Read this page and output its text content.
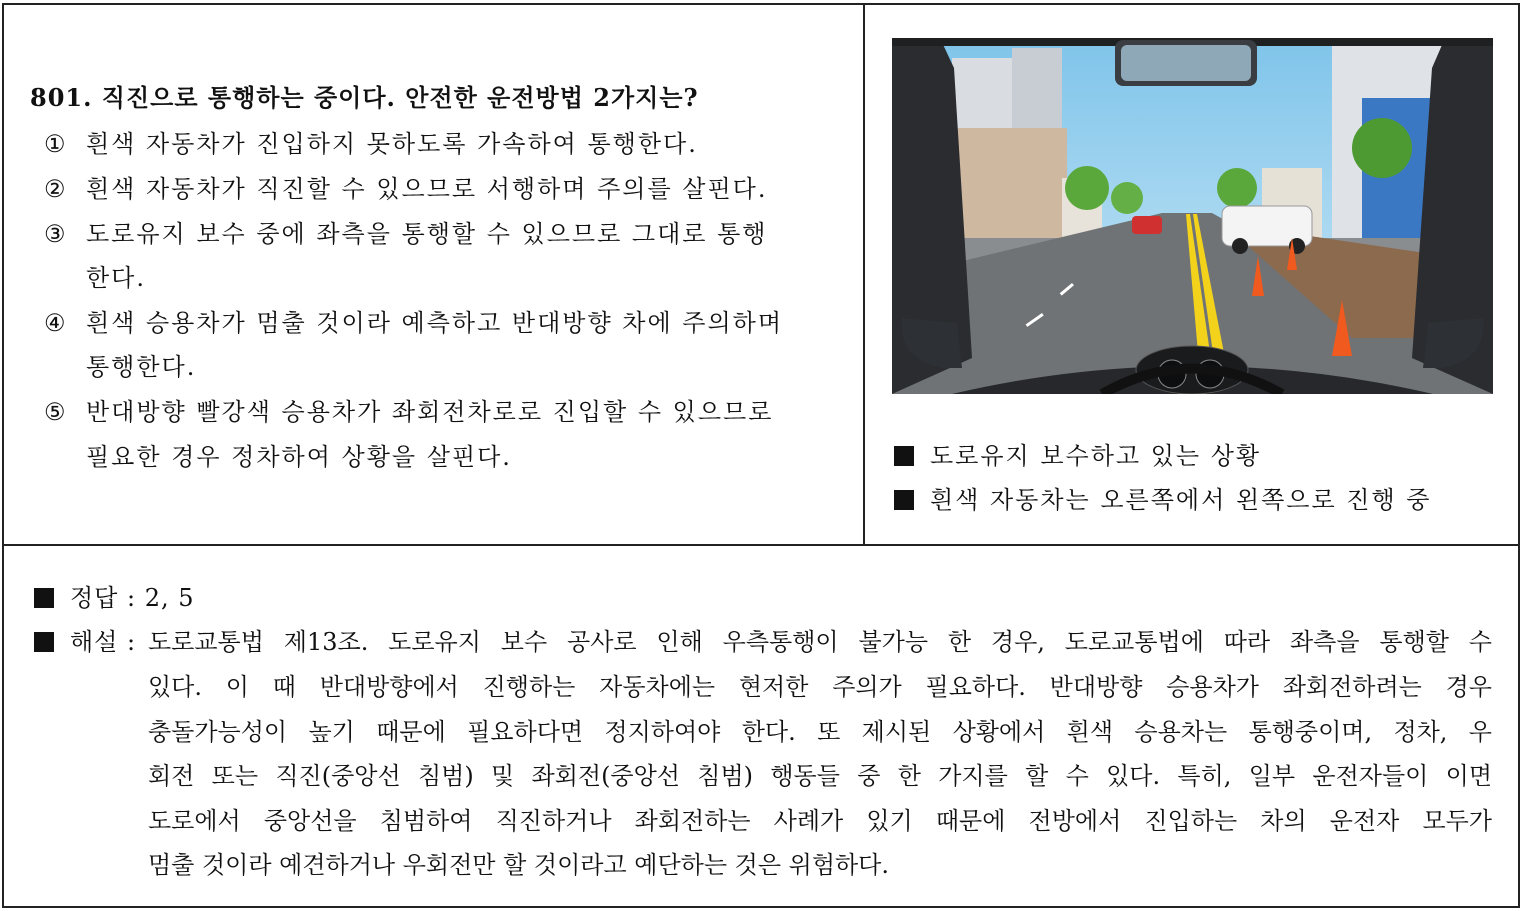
801. 직진으로 통행하는 중이다. 안전한 운전방법 2가지는?
① 흰색 자동차가 진입하지 못하도록 가속하여 통행한다.
② 흰색 자동차가 직진할 수 있으므로 서행하며 주의를 살핀다.
③ 도로유지 보수 중에 좌측을 통행할 수 있으므로 그대로 통행
한다.
④ 흰색 승용차가 멈출 것이라 예측하고 반대방향 차에 주의하며
통행한다.
⑤ 반대방향 빨강색 승용차가 좌회전차로로 진입할 수 있으므로
필요한 경우 정차하여 상황을 살핀다.	도로유지 보수하고 있는 상황
흰색 자동차는 오른쪽에서 왼쪽으로 진행 중
정답 : 2, 5
해설 : 도로교통법 제13조. 도로유지 보수 공사로 인해 우측통행이 불가능 한 경우, 도로교통법에 따라 좌측을 통행할 수
있다. 이 때 반대방향에서 진행하는 자동차에는 현저한 주의가 필요하다. 반대방향 승용차가 좌회전하려는 경우
충돌가능성이 높기 때문에 필요하다면 정지하여야 한다. 또 제시된 상황에서 흰색 승용차는 통행중이며, 정차, 우
회전 또는 직진(중앙선 침범) 및 좌회전(중앙선 침범) 행동들 중 한 가지를 할 수 있다. 특히, 일부 운전자들이 이면
도로에서 중앙선을 침범하여 직진하거나 좌회전하는 사례가 있기 때문에 전방에서 진입하는 차의 운전자 모두가
멈출 것이라 예견하거나 우회전만 할 것이라고 예단하는 것은 위험하다.
